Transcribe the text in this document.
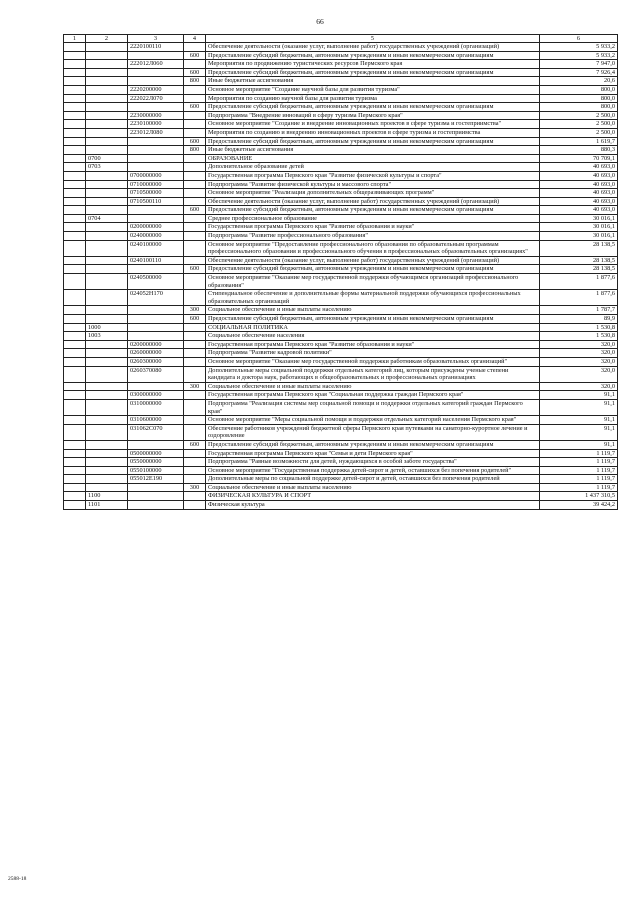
66
1	2	3	4	5	6
		2220100110		Обеспечение деятельности (оказание услуг, выполнение работ) государственных учреждений (организаций)	5 933,2
			600	Предоставление субсидий бюджетным, автономным учреждениям и иным некоммерческим организациям	5 933,2
		222012Л060		Мероприятия по продвижению туристических ресурсов Пермского края	7 947,0
			600	Предоставление субсидий бюджетным, автономным учреждениям и иным некоммерческим организациям	7 926,4
			800	Иные бюджетные ассигнования	20,6
		2220200000		Основное мероприятие "Создание научной базы для развития туризма"	800,0
		222022Л070		Мероприятия по созданию научной базы для развития туризма	800,0
			600	Предоставление субсидий бюджетным, автономным учреждениям и иным некоммерческим организациям	800,0
		2230000000		Подпрограмма "Внедрение инноваций в сферу туризма Пермского края"	2 500,0
		2230100000		Основное мероприятие "Создание и внедрение инновационных проектов в сфере туризма и гостеприимства"	2 500,0
		223012Л080		Мероприятия по созданию и внедрению инновационных проектов в сфере туризма и гостеприимства	2 500,0
			600	Предоставление субсидий бюджетным, автономным учреждениям и иным некоммерческим организациям	1 619,7
			800	Иные бюджетные ассигнования	880,3
	0700			ОБРАЗОВАНИЕ	70 709,1
	0703			Дополнительное образование детей	40 693,0
		0700000000		Государственная программа Пермского края "Развитие физической культуры и спорта"	40 693,0
		0710000000		Подпрограмма "Развитие физической культуры и массового спорта"	40 693,0
		0710500000		Основное мероприятие "Реализация дополнительных общеразвивающих программ"	40 693,0
		0710500110		Обеспечение деятельности (оказание услуг, выполнение работ) государственных учреждений (организаций)	40 693,0
			600	Предоставление субсидий бюджетным, автономным учреждениям и иным некоммерческим организациям	40 693,0
	0704			Среднее профессиональное образование	30 016,1
		0200000000		Государственная программа Пермского края "Развитие образования и науки"	30 016,1
		0240000000		Подпрограмма "Развитие профессионального образования"	30 016,1
		0240100000		Основное мероприятие "Предоставление профессионального образования по образовательным программам профессионального образования и профессионального обучения в профессиональных образовательных организациях"	28 138,5
		0240100110		Обеспечение деятельности (оказание услуг, выполнение работ) государственных учреждений (организаций)	28 138,5
			600	Предоставление субсидий бюджетным, автономным учреждениям и иным некоммерческим организациям	28 138,5
		0240500000		Основное мероприятие "Оказание мер государственной поддержки обучающимся организаций профессионального образования"	1 877,6
		024052Н170		Стипендиальное обеспечение и дополнительные формы материальной поддержки обучающихся профессиональных образовательных организаций	1 877,6
			300	Социальное обеспечение и иные выплаты населению	1 787,7
			600	Предоставление субсидий бюджетным, автономным учреждениям и иным некоммерческим организациям	89,9
	1000			СОЦИАЛЬНАЯ ПОЛИТИКА	1 530,8
	1003			Социальное обеспечение населения	1 530,8
		0200000000		Государственная программа Пермского края "Развитие образования и науки"	320,0
		0260000000		Подпрограмма "Развитие кадровой политики"	320,0
		0260300000		Основное мероприятие "Оказание мер государственной поддержки работникам образовательных организаций"	320,0
		0260370080		Дополнительные меры социальной поддержки отдельных категорий лиц, которым присуждены ученые степени кандидата и доктора наук, работающих в общеобразовательных и профессиональных организациях	320,0
			300	Социальное обеспечение и иные выплаты населению	320,0
		0300000000		Государственная программа Пермского края "Социальная поддержка граждан Пермского края"	91,1
		0310000000		Подпрограмма "Реализация системы мер социальной помощи и поддержки отдельных категорий граждан Пермского края"	91,1
		0310600000		Основное мероприятие "Меры социальной помощи и поддержки отдельных категорий населения Пермского края"	91,1
		031062С070		Обеспечение работников учреждений бюджетной сферы Пермского края путевками на санаторно-курортное лечение и оздоровление	91,1
			600	Предоставление субсидий бюджетным, автономным учреждениям и иным некоммерческим организациям	91,1
		0500000000		Государственная программа Пермского края "Семья и дети Пермского края"	1 119,7
		0550000000		Подпрограмма "Равные возможности для детей, нуждающихся в особой заботе государства"	1 119,7
		0550100000		Основное мероприятие "Государственная поддержка детей-сирот и детей, оставшихся без попечения родителей"	1 119,7
		055012Е190		Дополнительные меры по социальной поддержке детей-сирот и детей, оставшихся без попечения родителей	1 119,7
			300	Социальное обеспечение и иные выплаты населению	1 119,7
	1100			ФИЗИЧЕСКАЯ КУЛЬТУРА И СПОРТ	1 437 310,5
	1101			Физическая культура	39 424,2
2588-18
